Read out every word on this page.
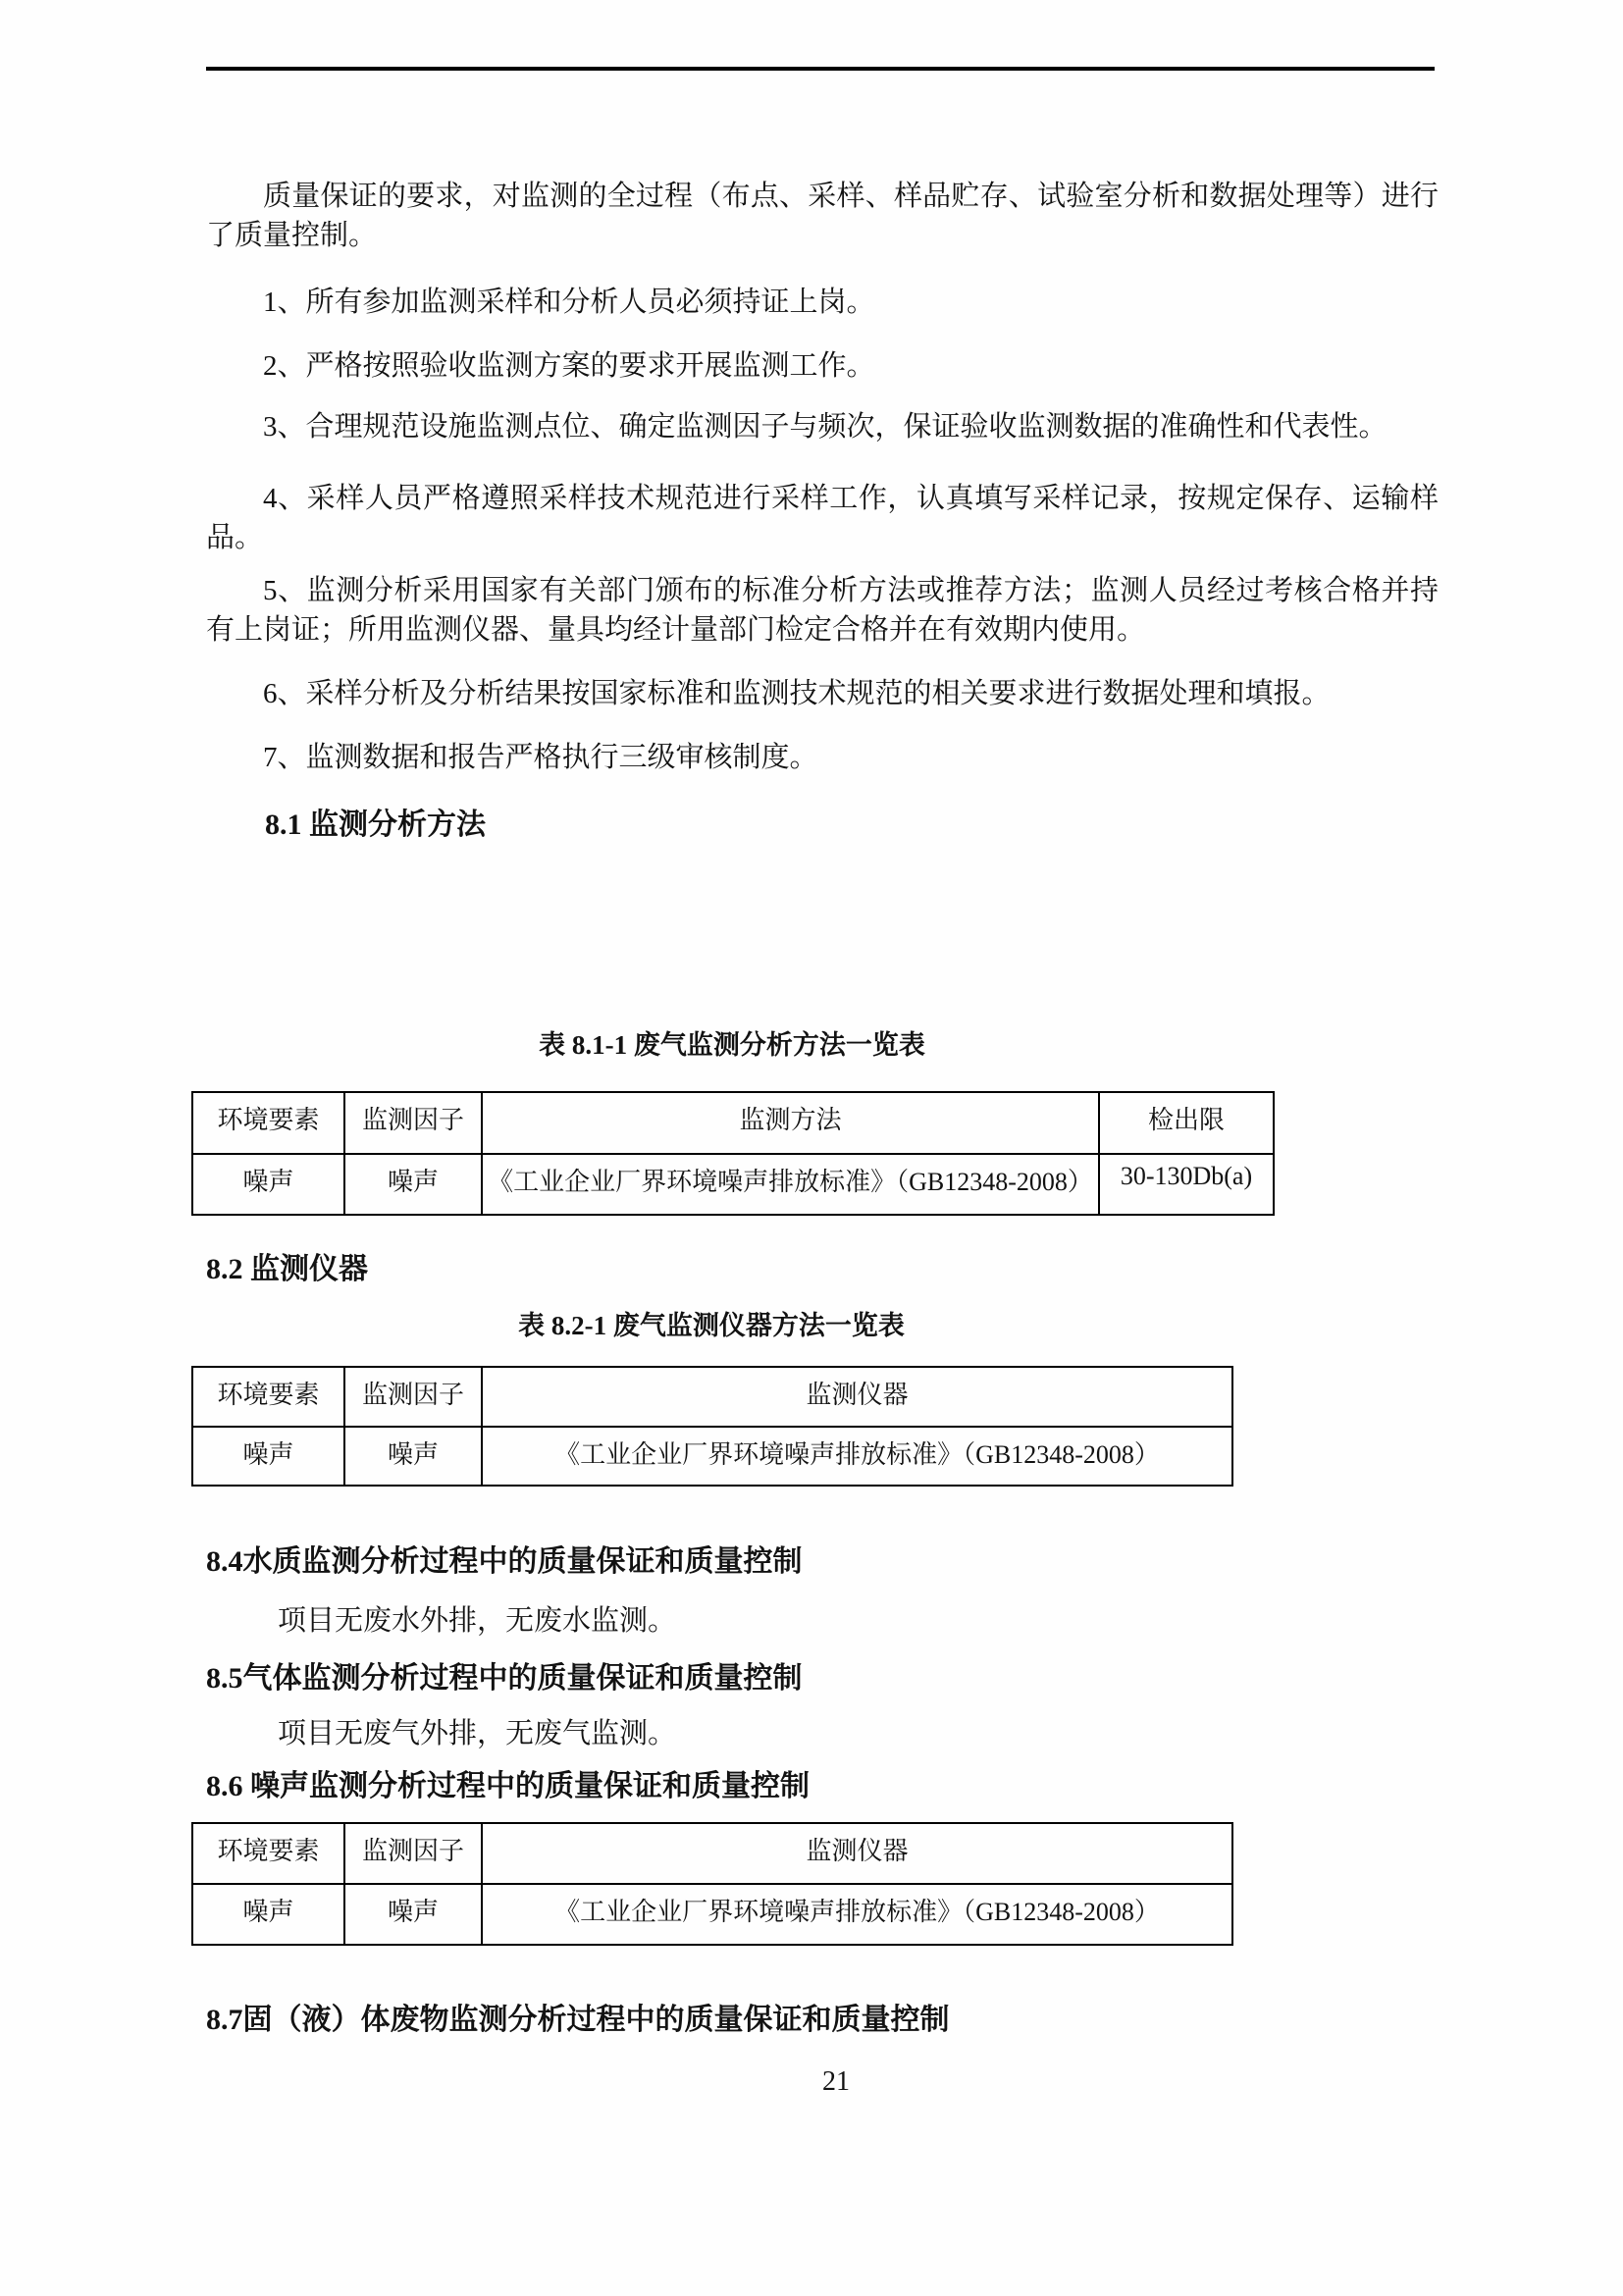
质量保证的要求，对监测的全过程（布点、采样、样品贮存、试验室分析和数据处理等）进行了质量控制。

1、所有参加监测采样和分析人员必须持证上岗。

2、严格按照验收监测方案的要求开展监测工作。

3、合理规范设施监测点位、确定监测因子与频次，保证验收监测数据的准确性和代表性。

4、采样人员严格遵照采样技术规范进行采样工作，认真填写采样记录，按规定保存、运输样品。

5、监测分析采用国家有关部门颁布的标准分析方法或推荐方法；监测人员经过考核合格并持有上岗证；所用监测仪器、量具均经计量部门检定合格并在有效期内使用。

6、采样分析及分析结果按国家标准和监测技术规范的相关要求进行数据处理和填报。

7、监测数据和报告严格执行三级审核制度。

8.1 监测分析方法

表 8.1-1 废气监测分析方法一览表

环境要素	监测因子	监测方法	检出限
噪声	噪声	《工业企业厂界环境噪声排放标准》（GB12348-2008）	30-130Db(a)
8.2 监测仪器

表 8.2-1 废气监测仪器方法一览表

环境要素	监测因子	监测仪器
噪声	噪声	《工业企业厂界环境噪声排放标准》（GB12348-2008）
8.4水质监测分析过程中的质量保证和质量控制

项目无废水外排，无废水监测。

8.5气体监测分析过程中的质量保证和质量控制

项目无废气外排，无废气监测。

8.6 噪声监测分析过程中的质量保证和质量控制
环境要素	监测因子	监测仪器
噪声	噪声	《工业企业厂界环境噪声排放标准》（GB12348-2008）
8.7固（液）体废物监测分析过程中的质量保证和质量控制

21
